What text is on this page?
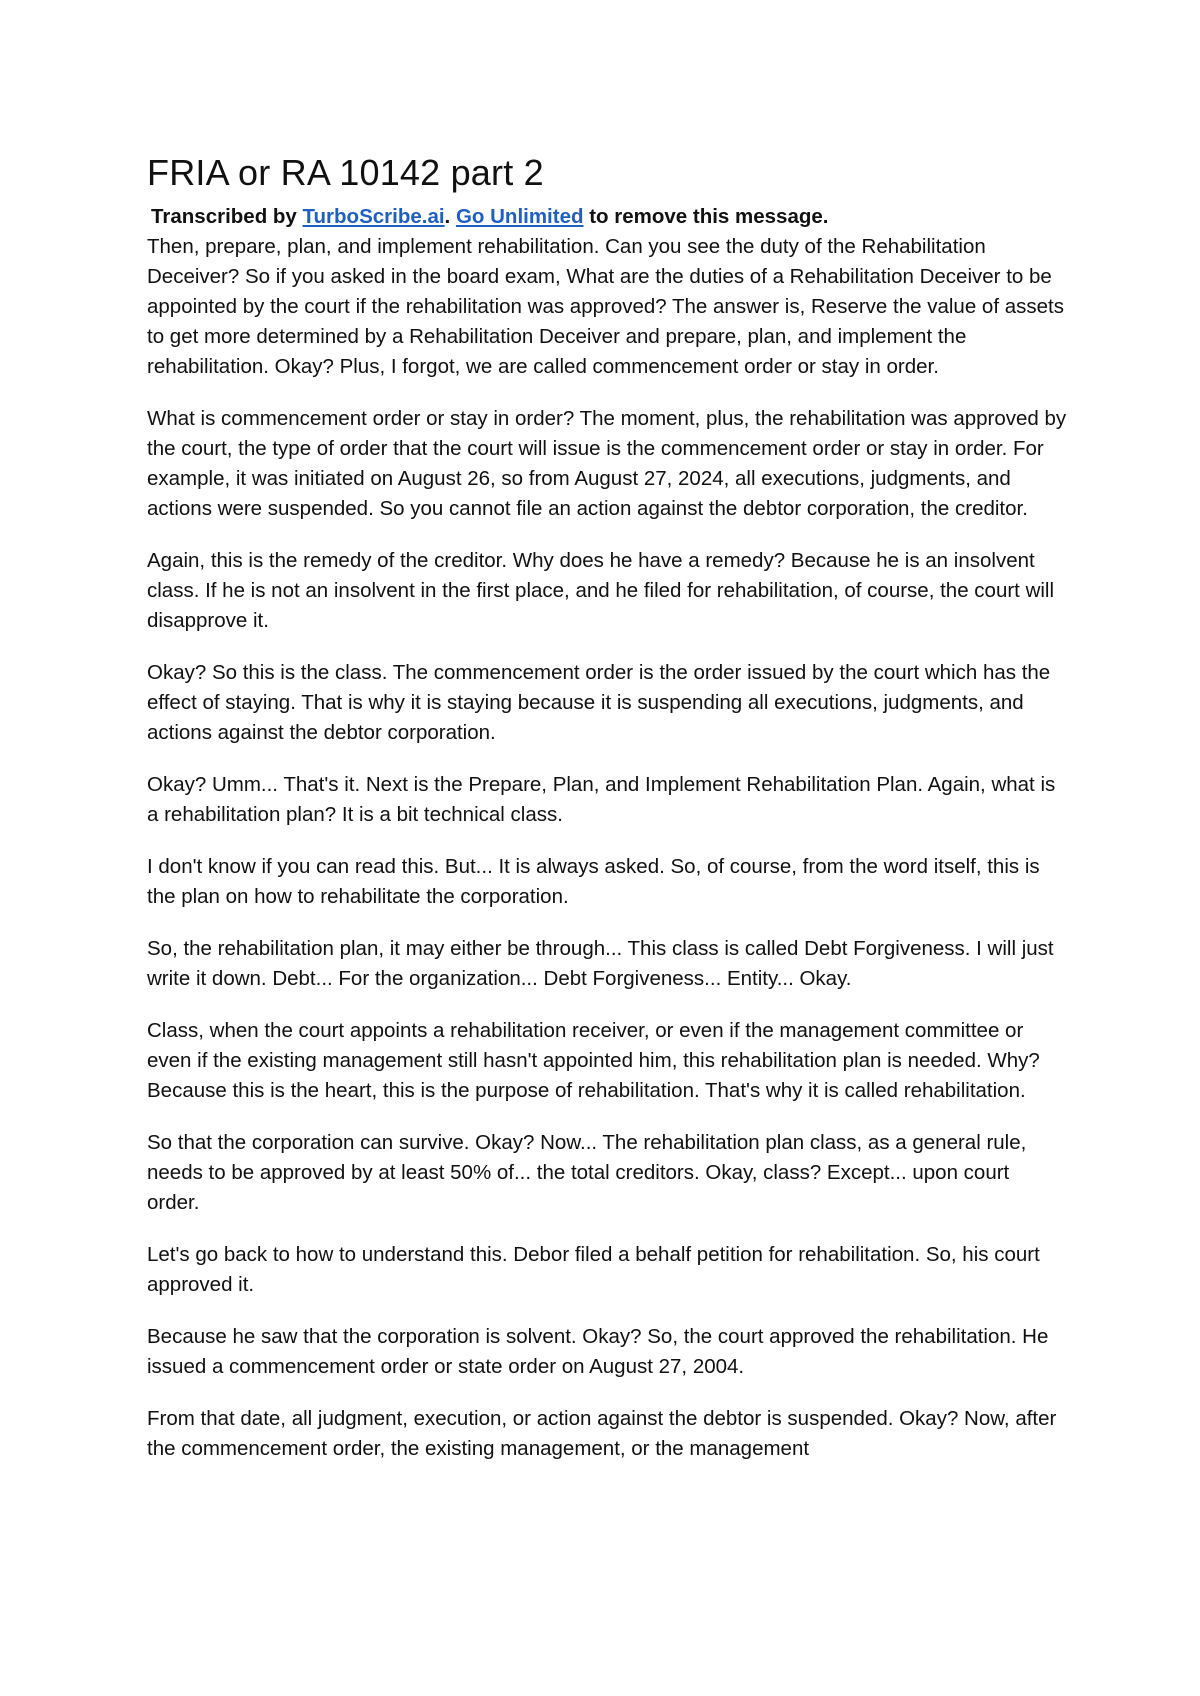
FRIA or RA 10142 part 2
Transcribed by TurboScribe.ai. Go Unlimited to remove this message.

Then, prepare, plan, and implement rehabilitation. Can you see the duty of the Rehabilitation Deceiver? So if you asked in the board exam, What are the duties of a Rehabilitation Deceiver to be appointed by the court if the rehabilitation was approved? The answer is, Reserve the value of assets to get more determined by a Rehabilitation Deceiver and prepare, plan, and implement the rehabilitation. Okay? Plus, I forgot, we are called commencement order or stay in order.

What is commencement order or stay in order? The moment, plus, the rehabilitation was approved by the court, the type of order that the court will issue is the commencement order or stay in order. For example, it was initiated on August 26, so from August 27, 2024, all executions, judgments, and actions were suspended. So you cannot file an action against the debtor corporation, the creditor.

Again, this is the remedy of the creditor. Why does he have a remedy? Because he is an insolvent class. If he is not an insolvent in the first place, and he filed for rehabilitation, of course, the court will disapprove it.

Okay? So this is the class. The commencement order is the order issued by the court which has the effect of staying. That is why it is staying because it is suspending all executions, judgments, and actions against the debtor corporation.

Okay? Umm... That's it. Next is the Prepare, Plan, and Implement Rehabilitation Plan. Again, what is a rehabilitation plan? It is a bit technical class.

I don't know if you can read this. But... It is always asked. So, of course, from the word itself, this is the plan on how to rehabilitate the corporation.

So, the rehabilitation plan, it may either be through... This class is called Debt Forgiveness. I will just write it down. Debt... For the organization... Debt Forgiveness... Entity... Okay.

Class, when the court appoints a rehabilitation receiver, or even if the management committee or even if the existing management still hasn't appointed him, this rehabilitation plan is needed. Why? Because this is the heart, this is the purpose of rehabilitation. That's why it is called rehabilitation.

So that the corporation can survive. Okay? Now... The rehabilitation plan class, as a general rule, needs to be approved by at least 50% of... the total creditors. Okay, class? Except... upon court order.

Let's go back to how to understand this. Debor filed a behalf petition for rehabilitation. So, his court approved it.

Because he saw that the corporation is solvent. Okay? So, the court approved the rehabilitation. He issued a commencement order or state order on August 27, 2004.

From that date, all judgment, execution, or action against the debtor is suspended. Okay? Now, after the commencement order, the existing management, or the management
